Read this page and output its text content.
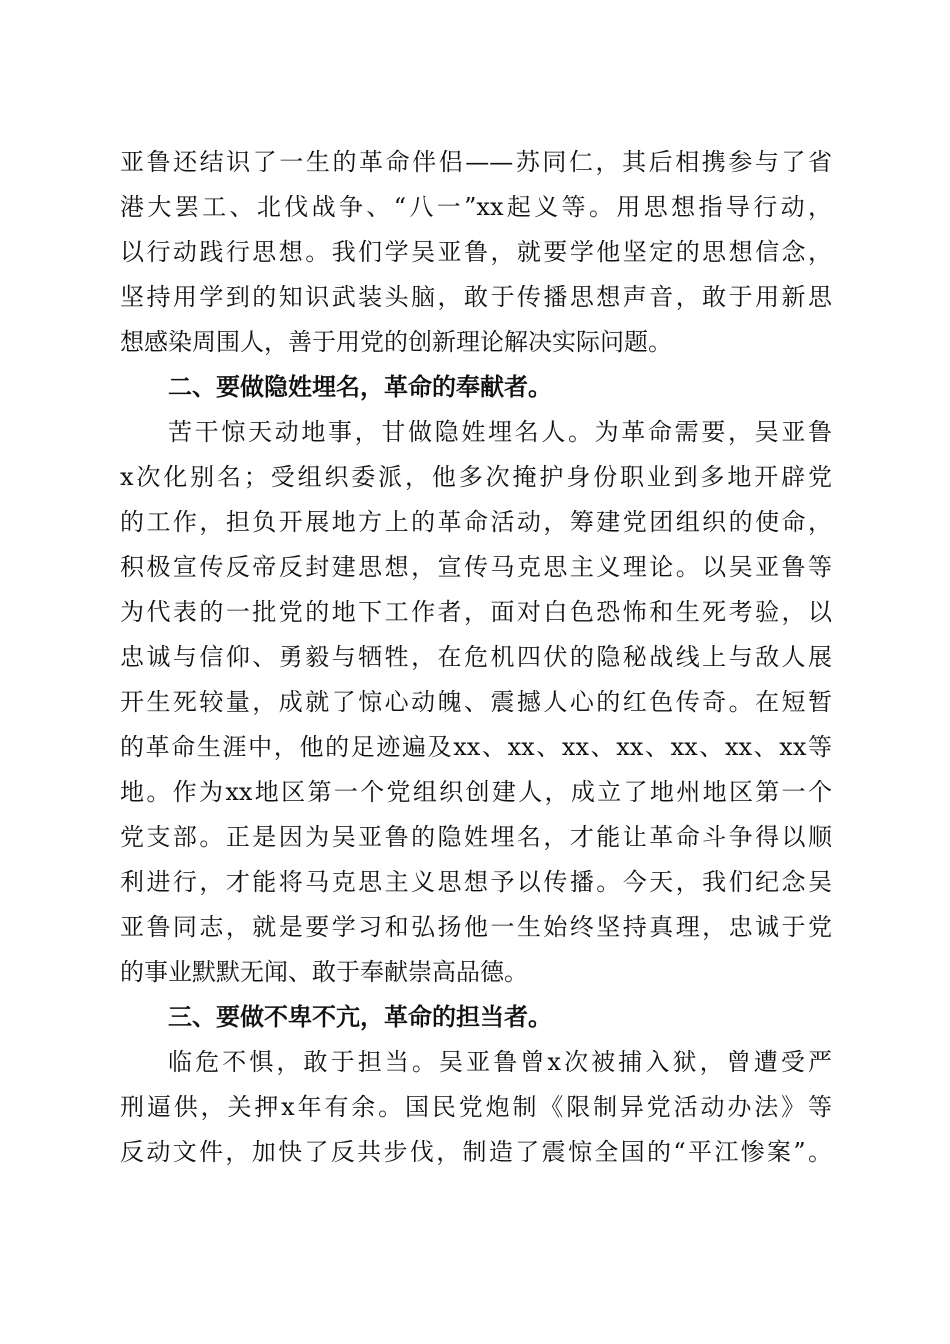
亚鲁还结识了一生的革命伴侣——苏同仁，其后相携参与了省
港大罢工、北伐战争、“八一”xx起义等。用思想指导行动，
以行动践行思想。我们学吴亚鲁，就要学他坚定的思想信念，
坚持用学到的知识武装头脑，敢于传播思想声音，敢于用新思
想感染周围人，善于用党的创新理论解决实际问题。
二、要做隐姓埋名，革命的奉献者。
苦干惊天动地事，甘做隐姓埋名人。为革命需要，吴亚鲁
x次化别名；受组织委派，他多次掩护身份职业到多地开辟党
的工作，担负开展地方上的革命活动，筹建党团组织的使命，
积极宣传反帝反封建思想，宣传马克思主义理论。以吴亚鲁等
为代表的一批党的地下工作者，面对白色恐怖和生死考验，以
忠诚与信仰、勇毅与牺牲，在危机四伏的隐秘战线上与敌人展
开生死较量，成就了惊心动魄、震撼人心的红色传奇。在短暂
的革命生涯中，他的足迹遍及xx、xx、xx、xx、xx、xx、xx等
地。作为xx地区第一个党组织创建人，成立了地州地区第一个
党支部。正是因为吴亚鲁的隐姓埋名，才能让革命斗争得以顺
利进行，才能将马克思主义思想予以传播。今天，我们纪念吴
亚鲁同志，就是要学习和弘扬他一生始终坚持真理，忠诚于党
的事业默默无闻、敢于奉献崇高品德。
三、要做不卑不亢，革命的担当者。
临危不惧，敢于担当。吴亚鲁曾x次被捕入狱，曾遭受严
刑逼供，关押x年有余。国民党炮制《限制异党活动办法》等
反动文件，加快了反共步伐，制造了震惊全国的“平江惨案”。
